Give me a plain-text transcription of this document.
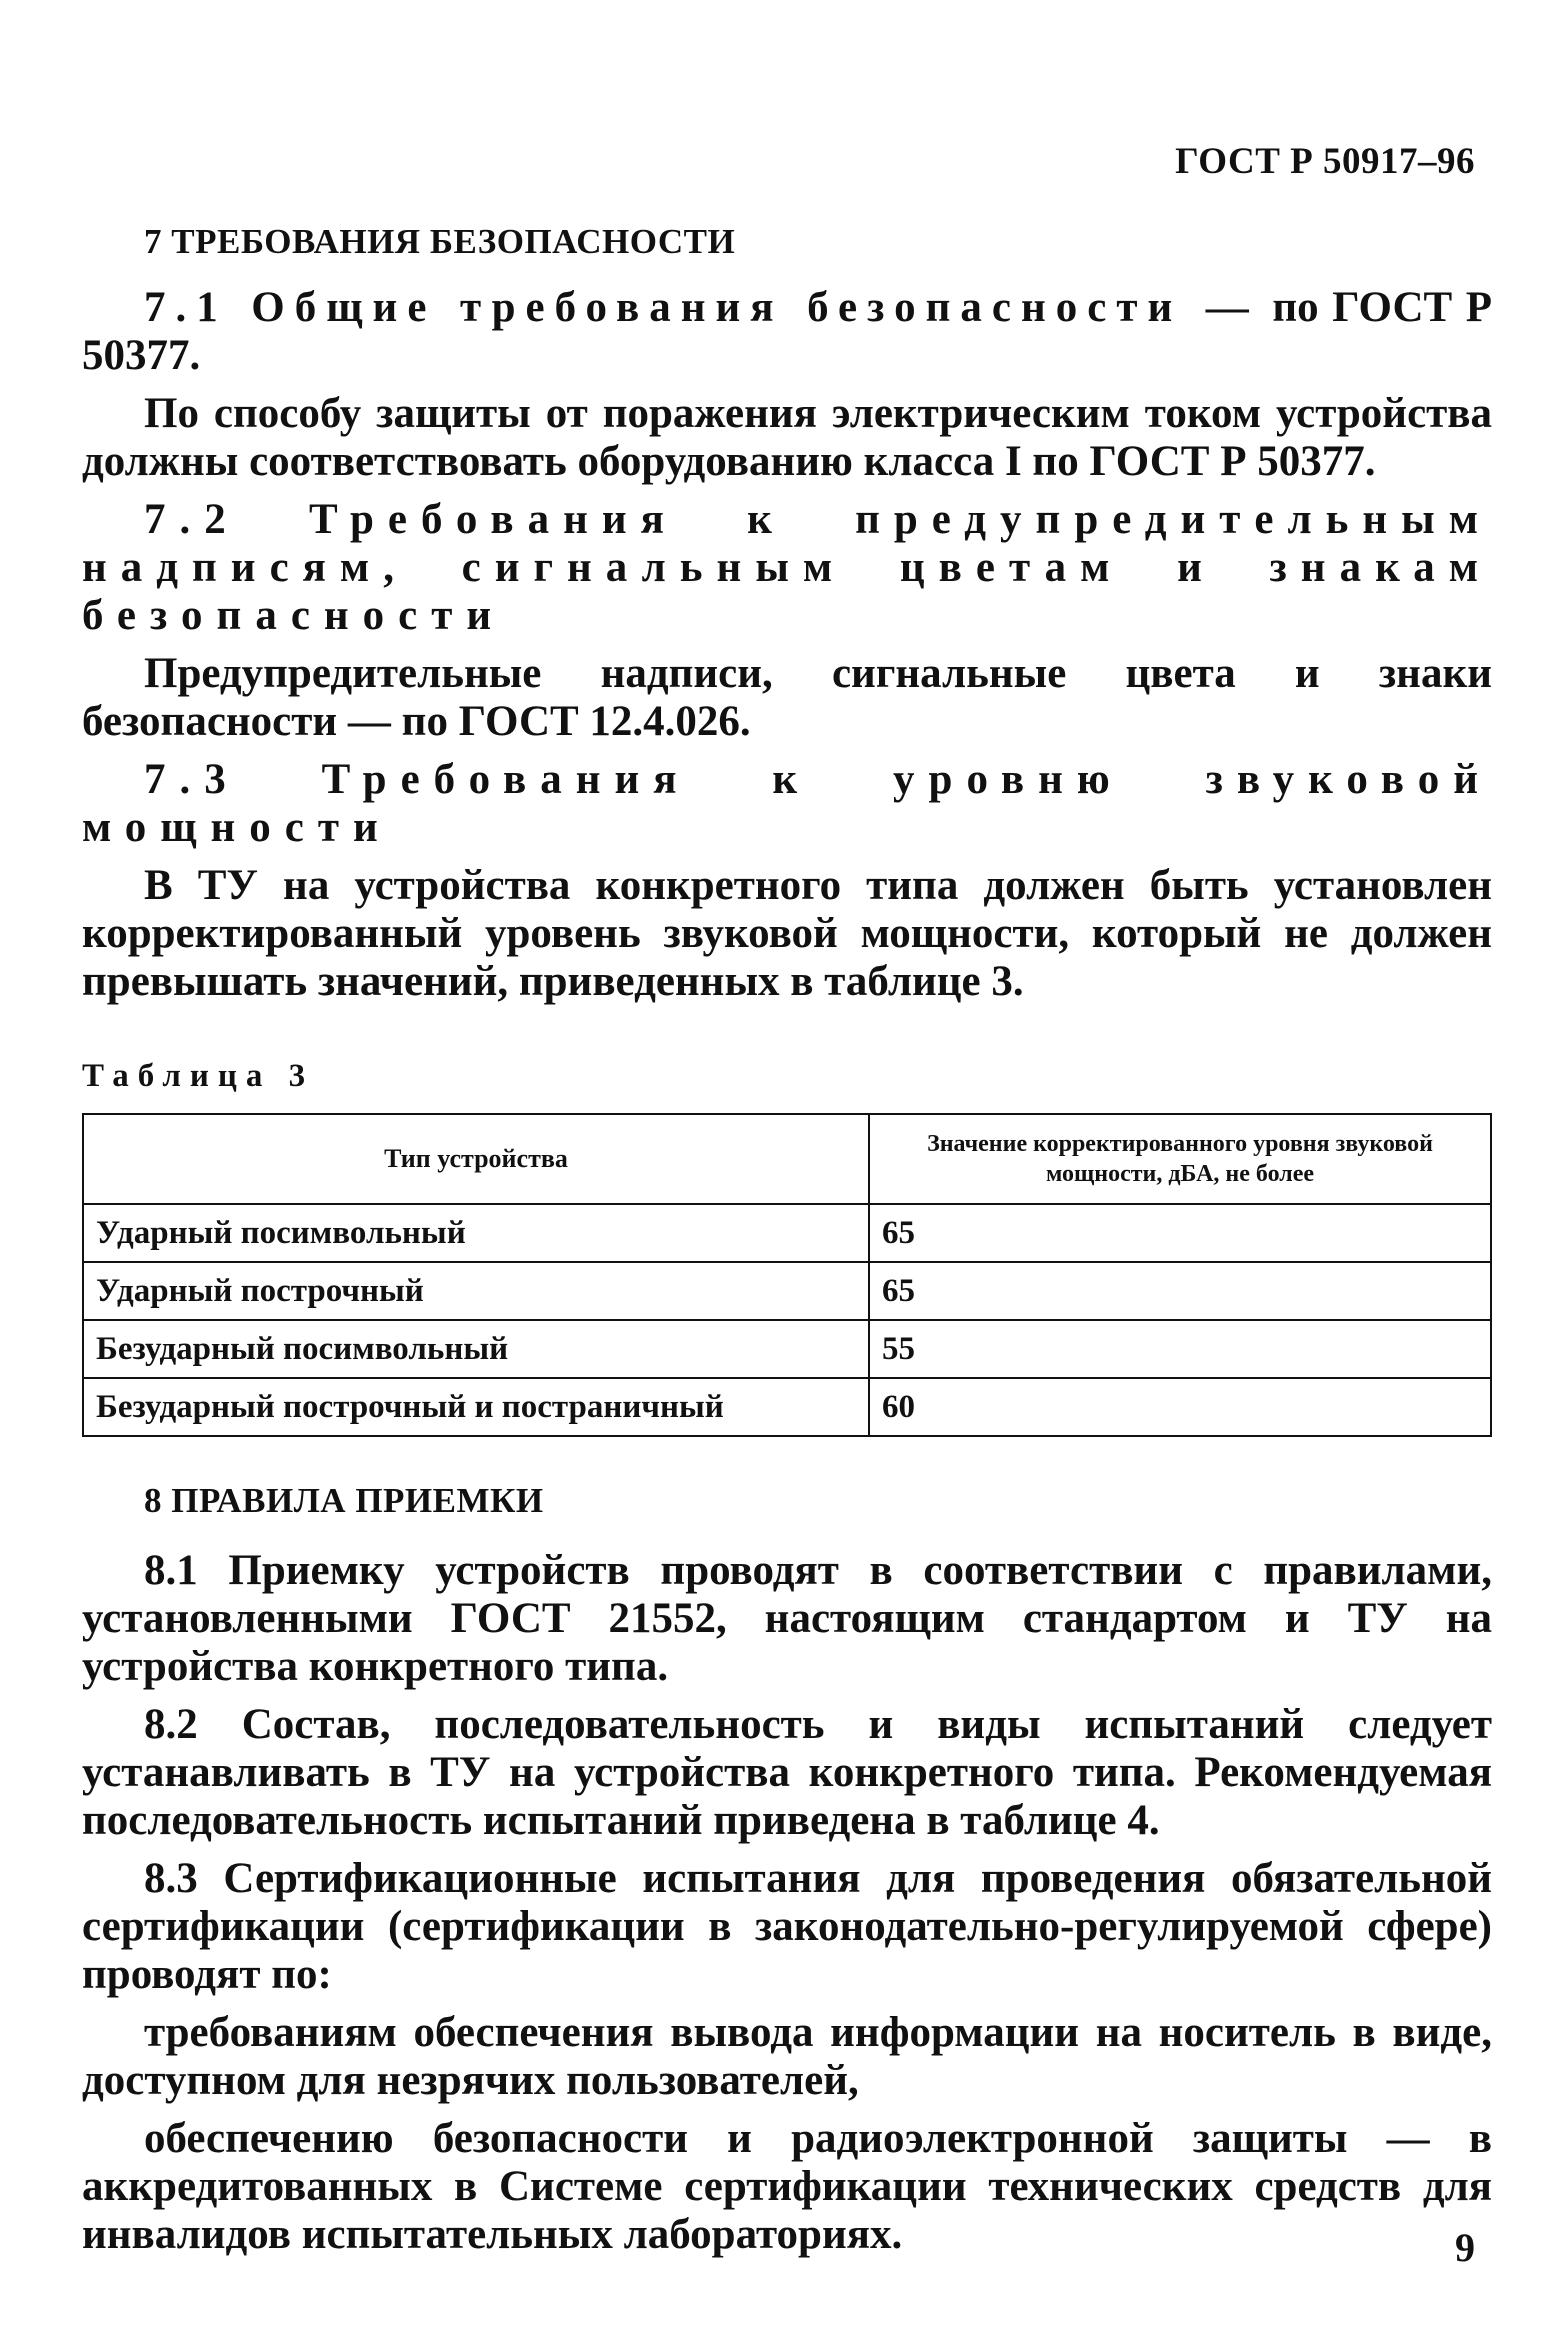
ГОСТ Р 50917–96
7 ТРЕБОВАНИЯ БЕЗОПАСНОСТИ

7.1 Общие требования безопасности — по ГОСТ Р 50377.

По способу защиты от поражения электрическим током устройства должны соответствовать оборудованию класса I по ГОСТ Р 50377.

7.2 Требования к предупредительным надписям, сигнальным цветам и знакам безопасности

Предупредительные надписи, сигнальные цвета и знаки безопасности — по ГОСТ 12.4.026.

7.3 Требования к уровню звуковой мощности

В ТУ на устройства конкретного типа должен быть установлен корректированный уровень звуковой мощности, который не должен превышать значений, приведенных в таблице 3.

Таблица 3
Тип устройства	Значение корректированного уровня звуковой мощности, дБА, не более
Ударный посимвольный	65
Ударный построчный	65
Безударный посимвольный	55
Безударный построчный и постраничный	60
8 ПРАВИЛА ПРИЕМКИ

8.1 Приемку устройств проводят в соответствии с правилами, установленными ГОСТ 21552, настоящим стандартом и ТУ на устройства конкретного типа.

8.2 Состав, последовательность и виды испытаний следует устанавливать в ТУ на устройства конкретного типа. Рекомендуемая последовательность испытаний приведена в таблице 4.

8.3 Сертификационные испытания для проведения обязательной сертификации (сертификации в законодательно-регулируемой сфере) проводят по:

требованиям обеспечения вывода информации на носитель в виде, доступном для незрячих пользователей,

обеспечению безопасности и радиоэлектронной защиты — в аккредитованных в Системе сертификации технических средств для инвалидов испытательных лабораториях.	9
